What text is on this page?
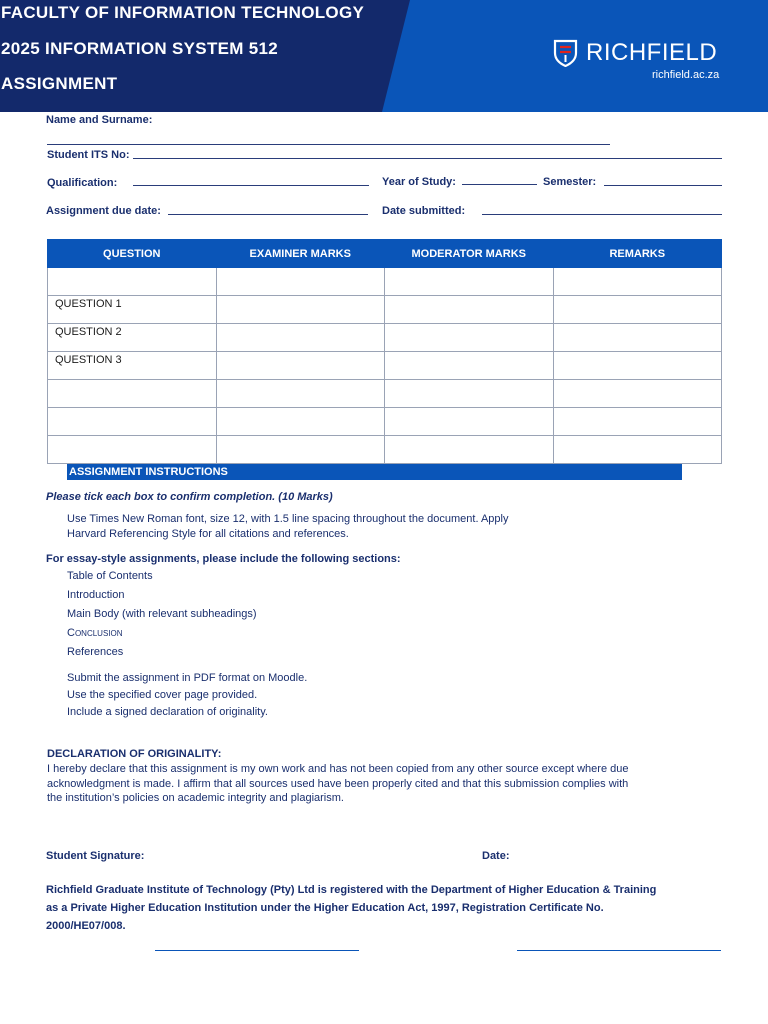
FACULTY OF INFORMATION TECHNOLOGY
2025 INFORMATION SYSTEM 512
ASSIGNMENT
RICHFIELD
richfield.ac.za
Name and Surname:
Student ITS No:
Qualification:	Year of Study:	Semester:
Assignment due date:	Date submitted:
QUESTION	EXAMINER MARKS	MODERATOR MARKS	REMARKS

QUESTION 1			
QUESTION 2			
QUESTION 3			

ASSIGNMENT INSTRUCTIONS
Please tick each box to confirm completion. (10 Marks)
Use Times New Roman font, size 12, with 1.5 line spacing throughout the document. Apply
Harvard Referencing Style for all citations and references.
For essay-style assignments, please include the following sections:
Table of Contents
Introduction
Main Body (with relevant subheadings)
Conclusion
References
Submit the assignment in PDF format on Moodle.
Use the specified cover page provided.
Include a signed declaration of originality.
DECLARATION OF ORIGINALITY:
I hereby declare that this assignment is my own work and has not been copied from any other source except where due
acknowledgment is made. I affirm that all sources used have been properly cited and that this submission complies with
the institution’s policies on academic integrity and plagiarism.
Student Signature:	Date:
Richfield Graduate Institute of Technology (Pty) Ltd is registered with the Department of Higher Education & Training
as a Private Higher Education Institution under the Higher Education Act, 1997, Registration Certificate No.
2000/HE07/008.
